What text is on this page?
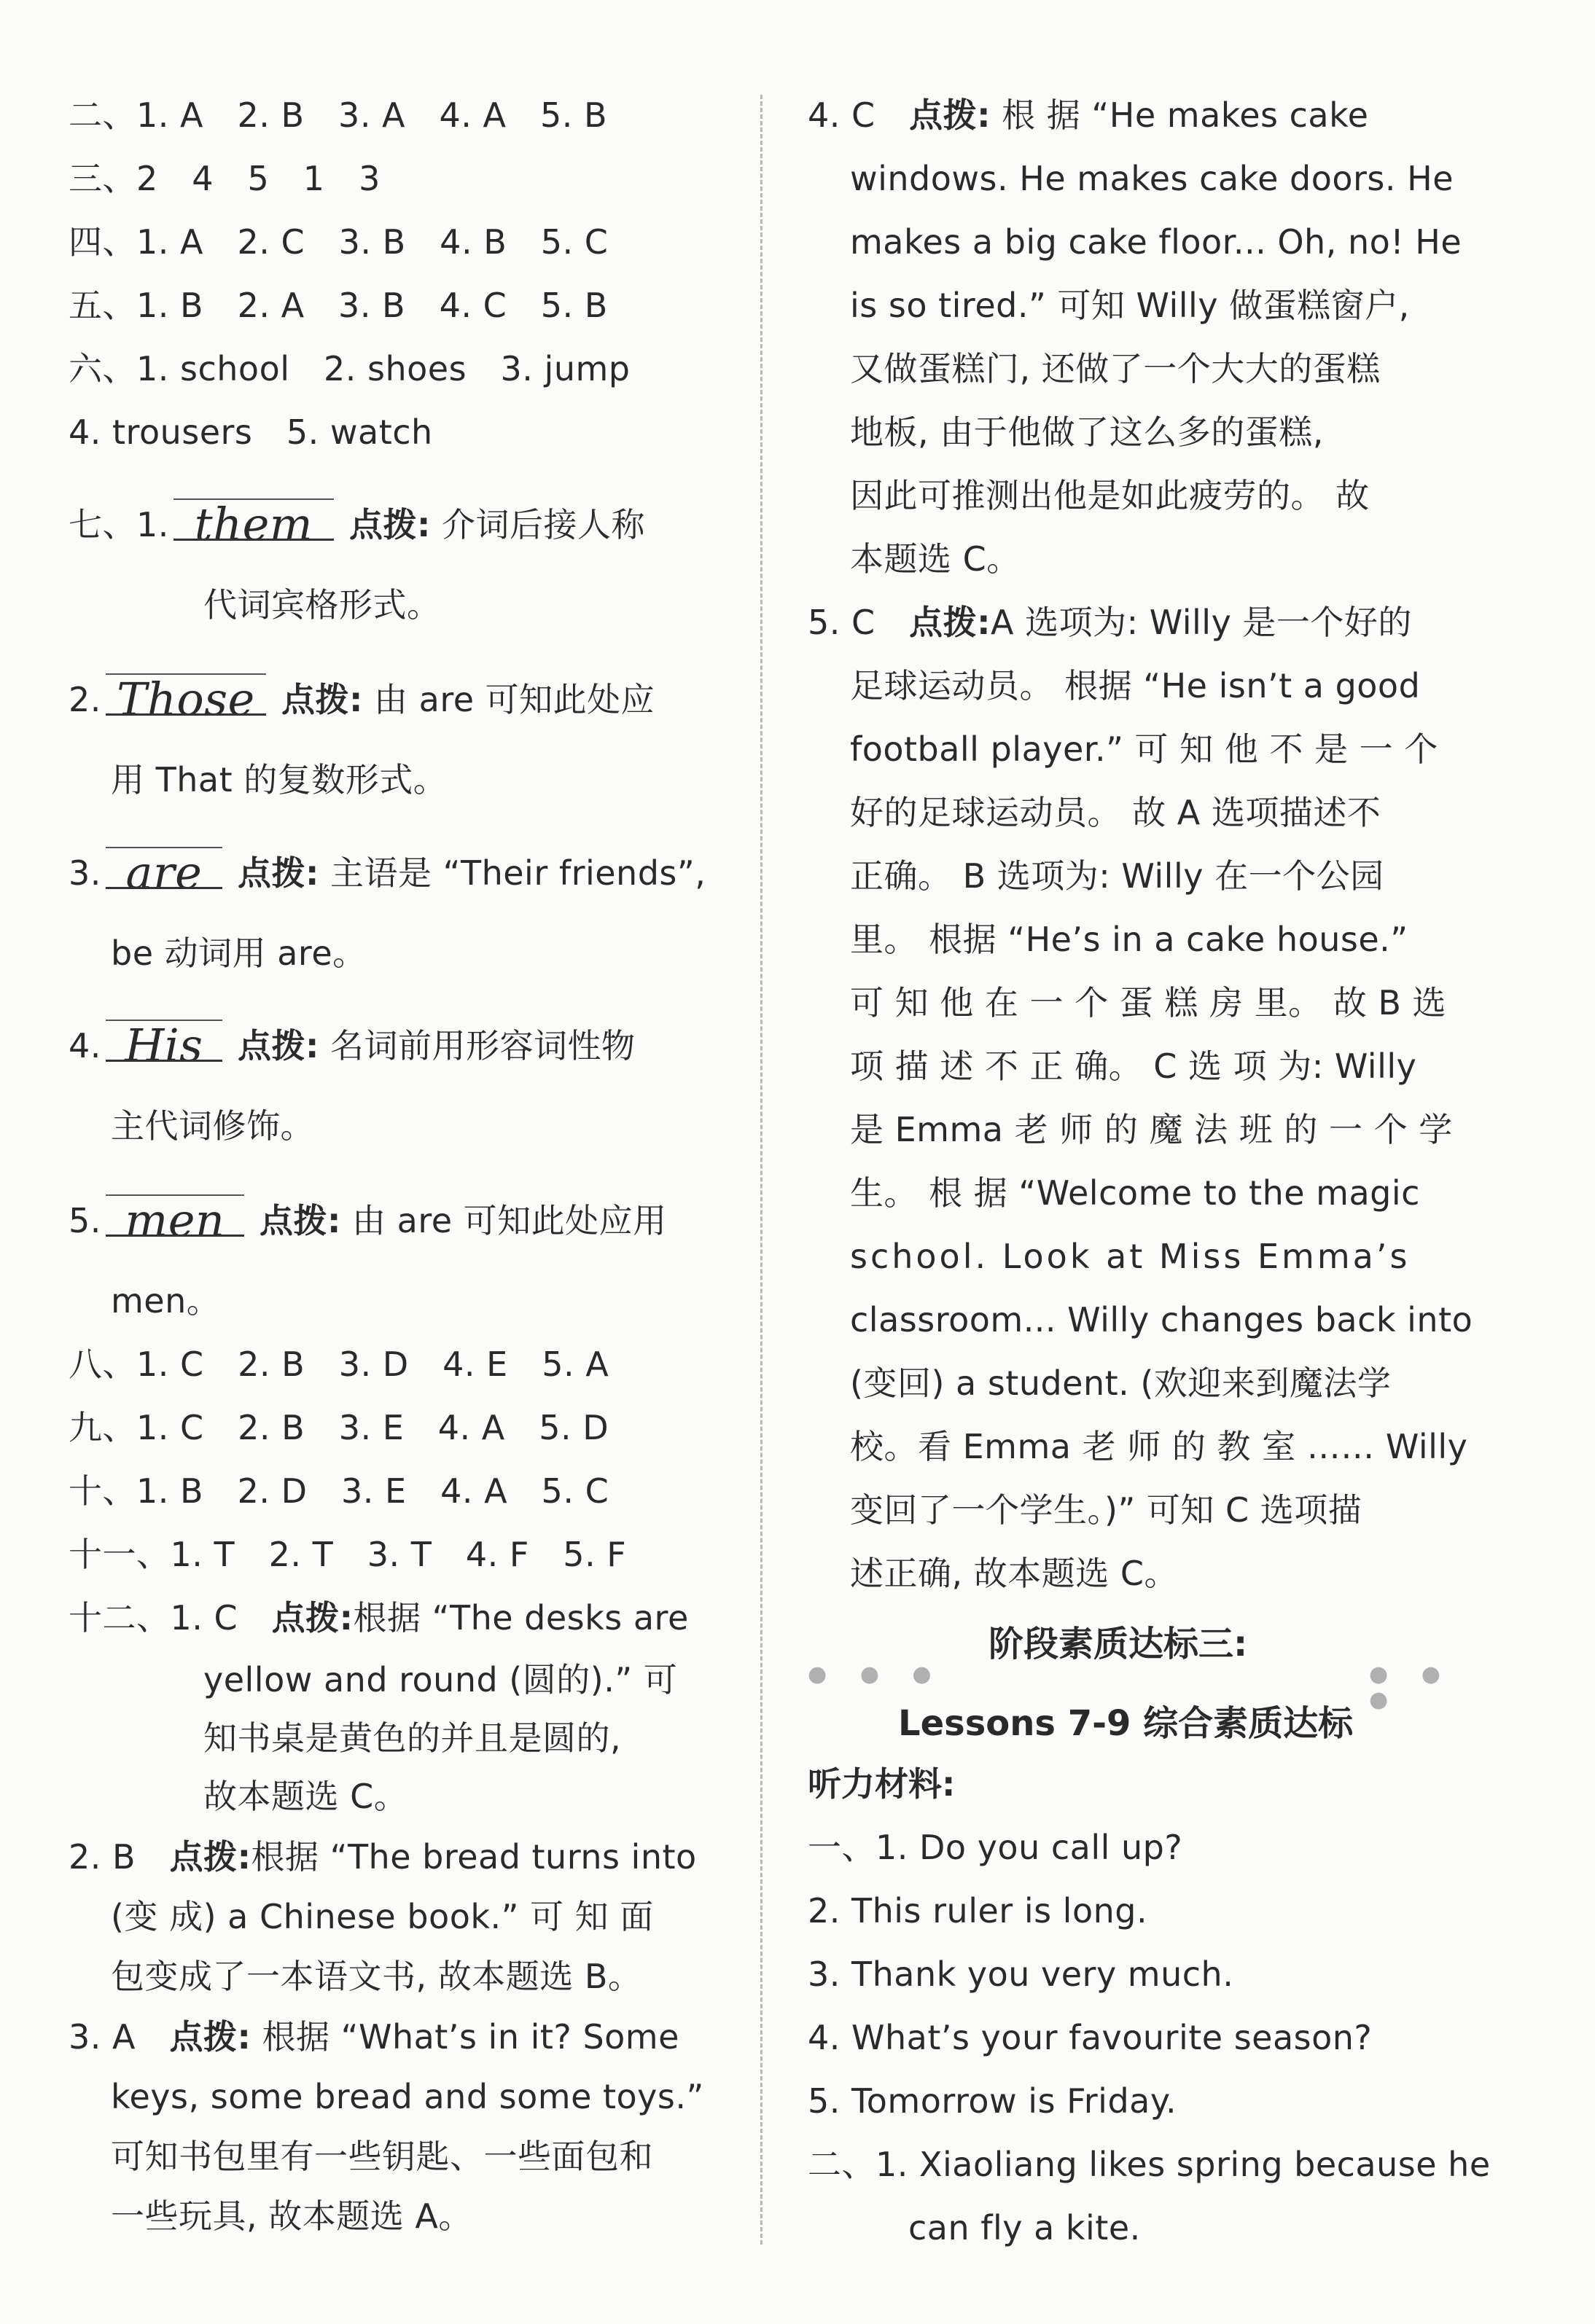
二、1. A　2. B　3. A　4. A　5. B
三、2　4　5　1　3
四、1. A　2. C　3. B　4. B　5. C
五、1. B　2. A　3. B　4. C　5. B
六、1. school　2. shoes　3. jump
4. trousers　5. watch
七、1. them 点拨: 介词后接人称
代词宾格形式。
2. Those 点拨: 由 are 可知此处应
用 That 的复数形式。
3. are 点拨: 主语是 “Their friends”,
be 动词用 are。
4. His 点拨: 名词前用形容词性物
主代词修饰。
5. men 点拨: 由 are 可知此处应用
men。
八、1. C　2. B　3. D　4. E　5. A
九、1. C　2. B　3. E　4. A　5. D
十、1. B　2. D　3. E　4. A　5. C
十一、1. T　2. T　3. T　4. F　5. F
十二、1. C　 点拨:根据 “The desks are
yellow and round (圆的).” 可
知书桌是黄色的并且是圆的,
故本题选 C。
2. B　 点拨:根据 “The bread turns into
(变 成) a Chinese book.” 可 知 面
包变成了一本语文书, 故本题选 B。
3. A　 点拨: 根据 “What’s in it? Some
keys, some bread and some toys.”
可知书包里有一些钥匙、一些面包和
一些玩具, 故本题选 A。
4. C　 点拨: 根 据 “He makes cake
windows. He makes cake doors. He
makes a big cake floor... Oh, no! He
is so tired.” 可知 Willy 做蛋糕窗户,
又做蛋糕门, 还做了一个大大的蛋糕
地板, 由于他做了这么多的蛋糕,
因此可推测出他是如此疲劳的。 故
本题选 C。
5. C　 点拨:A 选项为: Willy 是一个好的
足球运动员。 根据 “He isn’t a good
football player.” 可 知 他 不 是 一 个
好的足球运动员。 故 A 选项描述不
正确。 B 选项为: Willy 在一个公园
里。 根据 “He’s in a cake house.”
可 知 他 在 一 个 蛋 糕 房 里。 故 B 选
项 描 述 不 正 确。 C 选 项 为: Willy
是 Emma 老 师 的 魔 法 班 的 一 个 学
生。 根 据 “Welcome to the magic
school. Look at Miss Emma’s
classroom... Willy changes back into
(变回) a student. (欢迎来到魔法学
校。看 Emma 老 师 的 教 室 …… Willy
变回了一个学生。)” 可知 C 选项描
述正确, 故本题选 C。
阶段素质达标三:
● ● ●	● ● ●
Lessons 7-9 综合素质达标
听力材料:
一、1. Do you call up?
2. This ruler is long.
3. Thank you very much.
4. What’s your favourite season?
5. Tomorrow is Friday.
二、1. Xiaoliang likes spring because he
can fly a kite.
